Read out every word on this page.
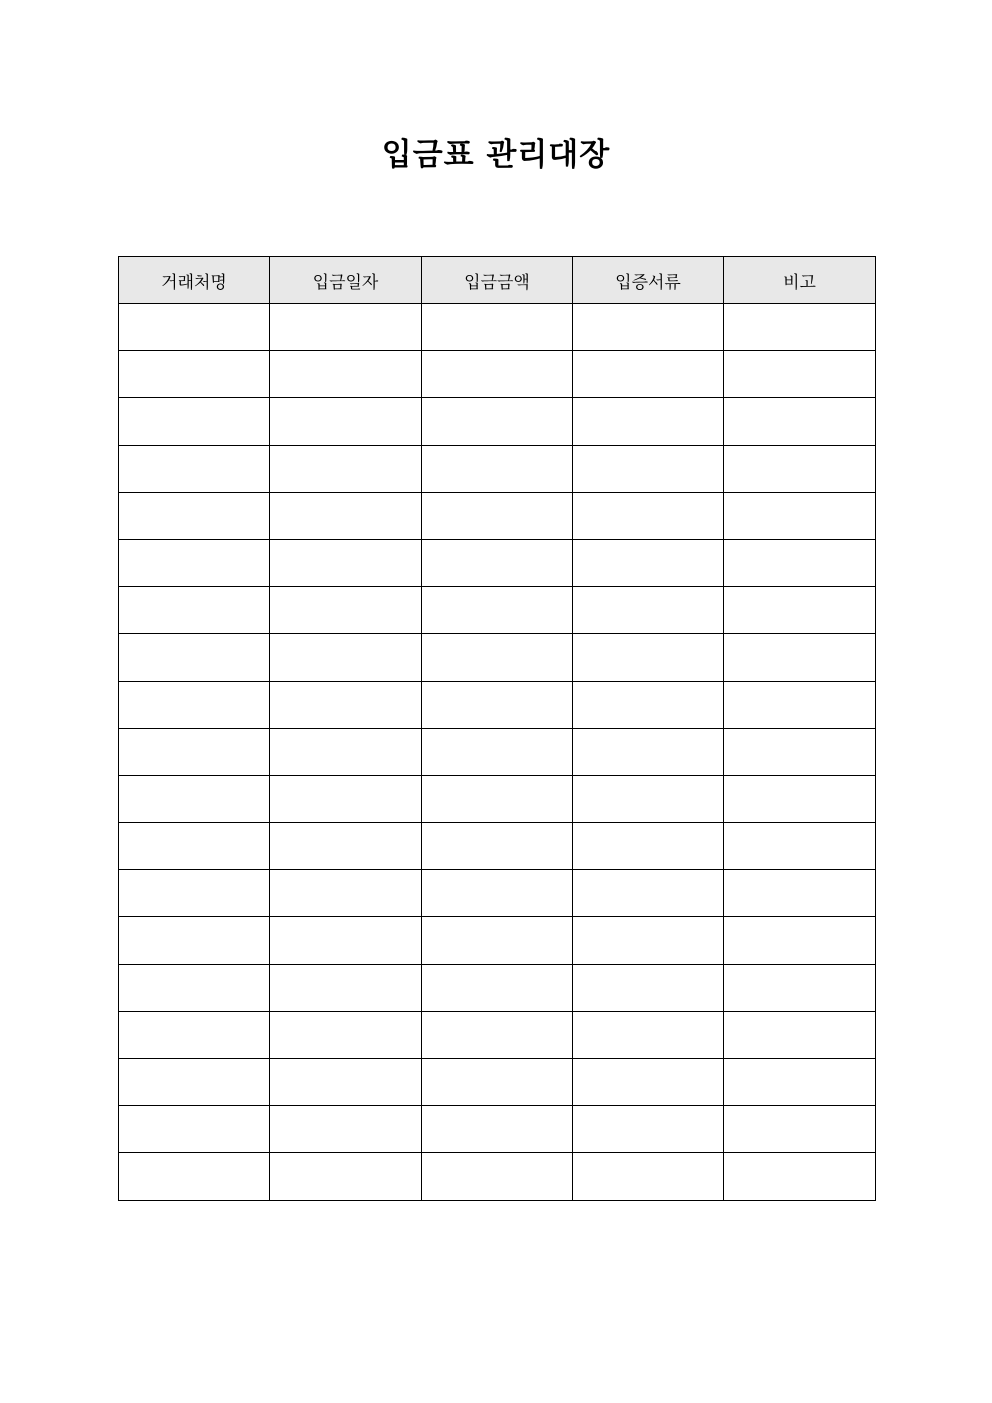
입금표 관리대장
거래처명	입금일자	입금금액	입증서류	비고
